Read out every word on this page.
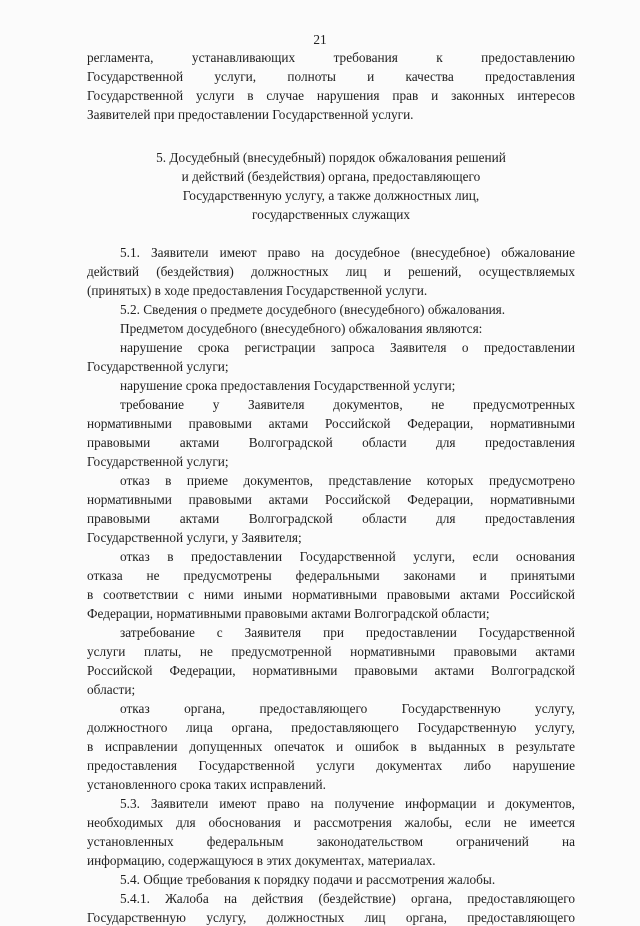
21
регламента, устанавливающих требования к предоставлению
Государственной услуги, полноты и качества предоставления
Государственной услуги в случае нарушения прав и законных интересов
Заявителей при предоставлении Государственной услуги.
5. Досудебный (внесудебный) порядок обжалования решений
и действий (бездействия) органа, предоставляющего
Государственную услугу, а также должностных лиц,
государственных служащих
5.1. Заявители имеют право на досудебное (внесудебное) обжалование
действий (бездействия) должностных лиц и решений, осуществляемых
(принятых) в ходе предоставления Государственной услуги.
5.2. Сведения о предмете досудебного (внесудебного) обжалования.
Предметом досудебного (внесудебного) обжалования являются:
нарушение срока регистрации запроса Заявителя о предоставлении
Государственной услуги;
нарушение срока предоставления Государственной услуги;
требование у Заявителя документов, не предусмотренных
нормативными правовыми актами Российской Федерации, нормативными
правовыми актами Волгоградской области для предоставления
Государственной услуги;
отказ в приеме документов, представление которых предусмотрено
нормативными правовыми актами Российской Федерации, нормативными
правовыми актами Волгоградской области для предоставления
Государственной услуги, у Заявителя;
отказ в предоставлении Государственной услуги, если основания
отказа не предусмотрены федеральными законами и принятыми
в соответствии с ними иными нормативными правовыми актами Российской
Федерации, нормативными правовыми актами Волгоградской области;
затребование с Заявителя при предоставлении Государственной
услуги платы, не предусмотренной нормативными правовыми актами
Российской Федерации, нормативными правовыми актами Волгоградской
области;
отказ органа, предоставляющего Государственную услугу,
должностного лица органа, предоставляющего Государственную услугу,
в исправлении допущенных опечаток и ошибок в выданных в результате
предоставления Государственной услуги документах либо нарушение
установленного срока таких исправлений.
5.3. Заявители имеют право на получение информации и документов,
необходимых для обоснования и рассмотрения жалобы, если не имеется
установленных федеральным законодательством ограничений на
информацию, содержащуюся в этих документах, материалах.
5.4. Общие требования к порядку подачи и рассмотрения жалобы.
5.4.1. Жалоба на действия (бездействие) органа, предоставляющего
Государственную услугу, должностных лиц органа, предоставляющего
